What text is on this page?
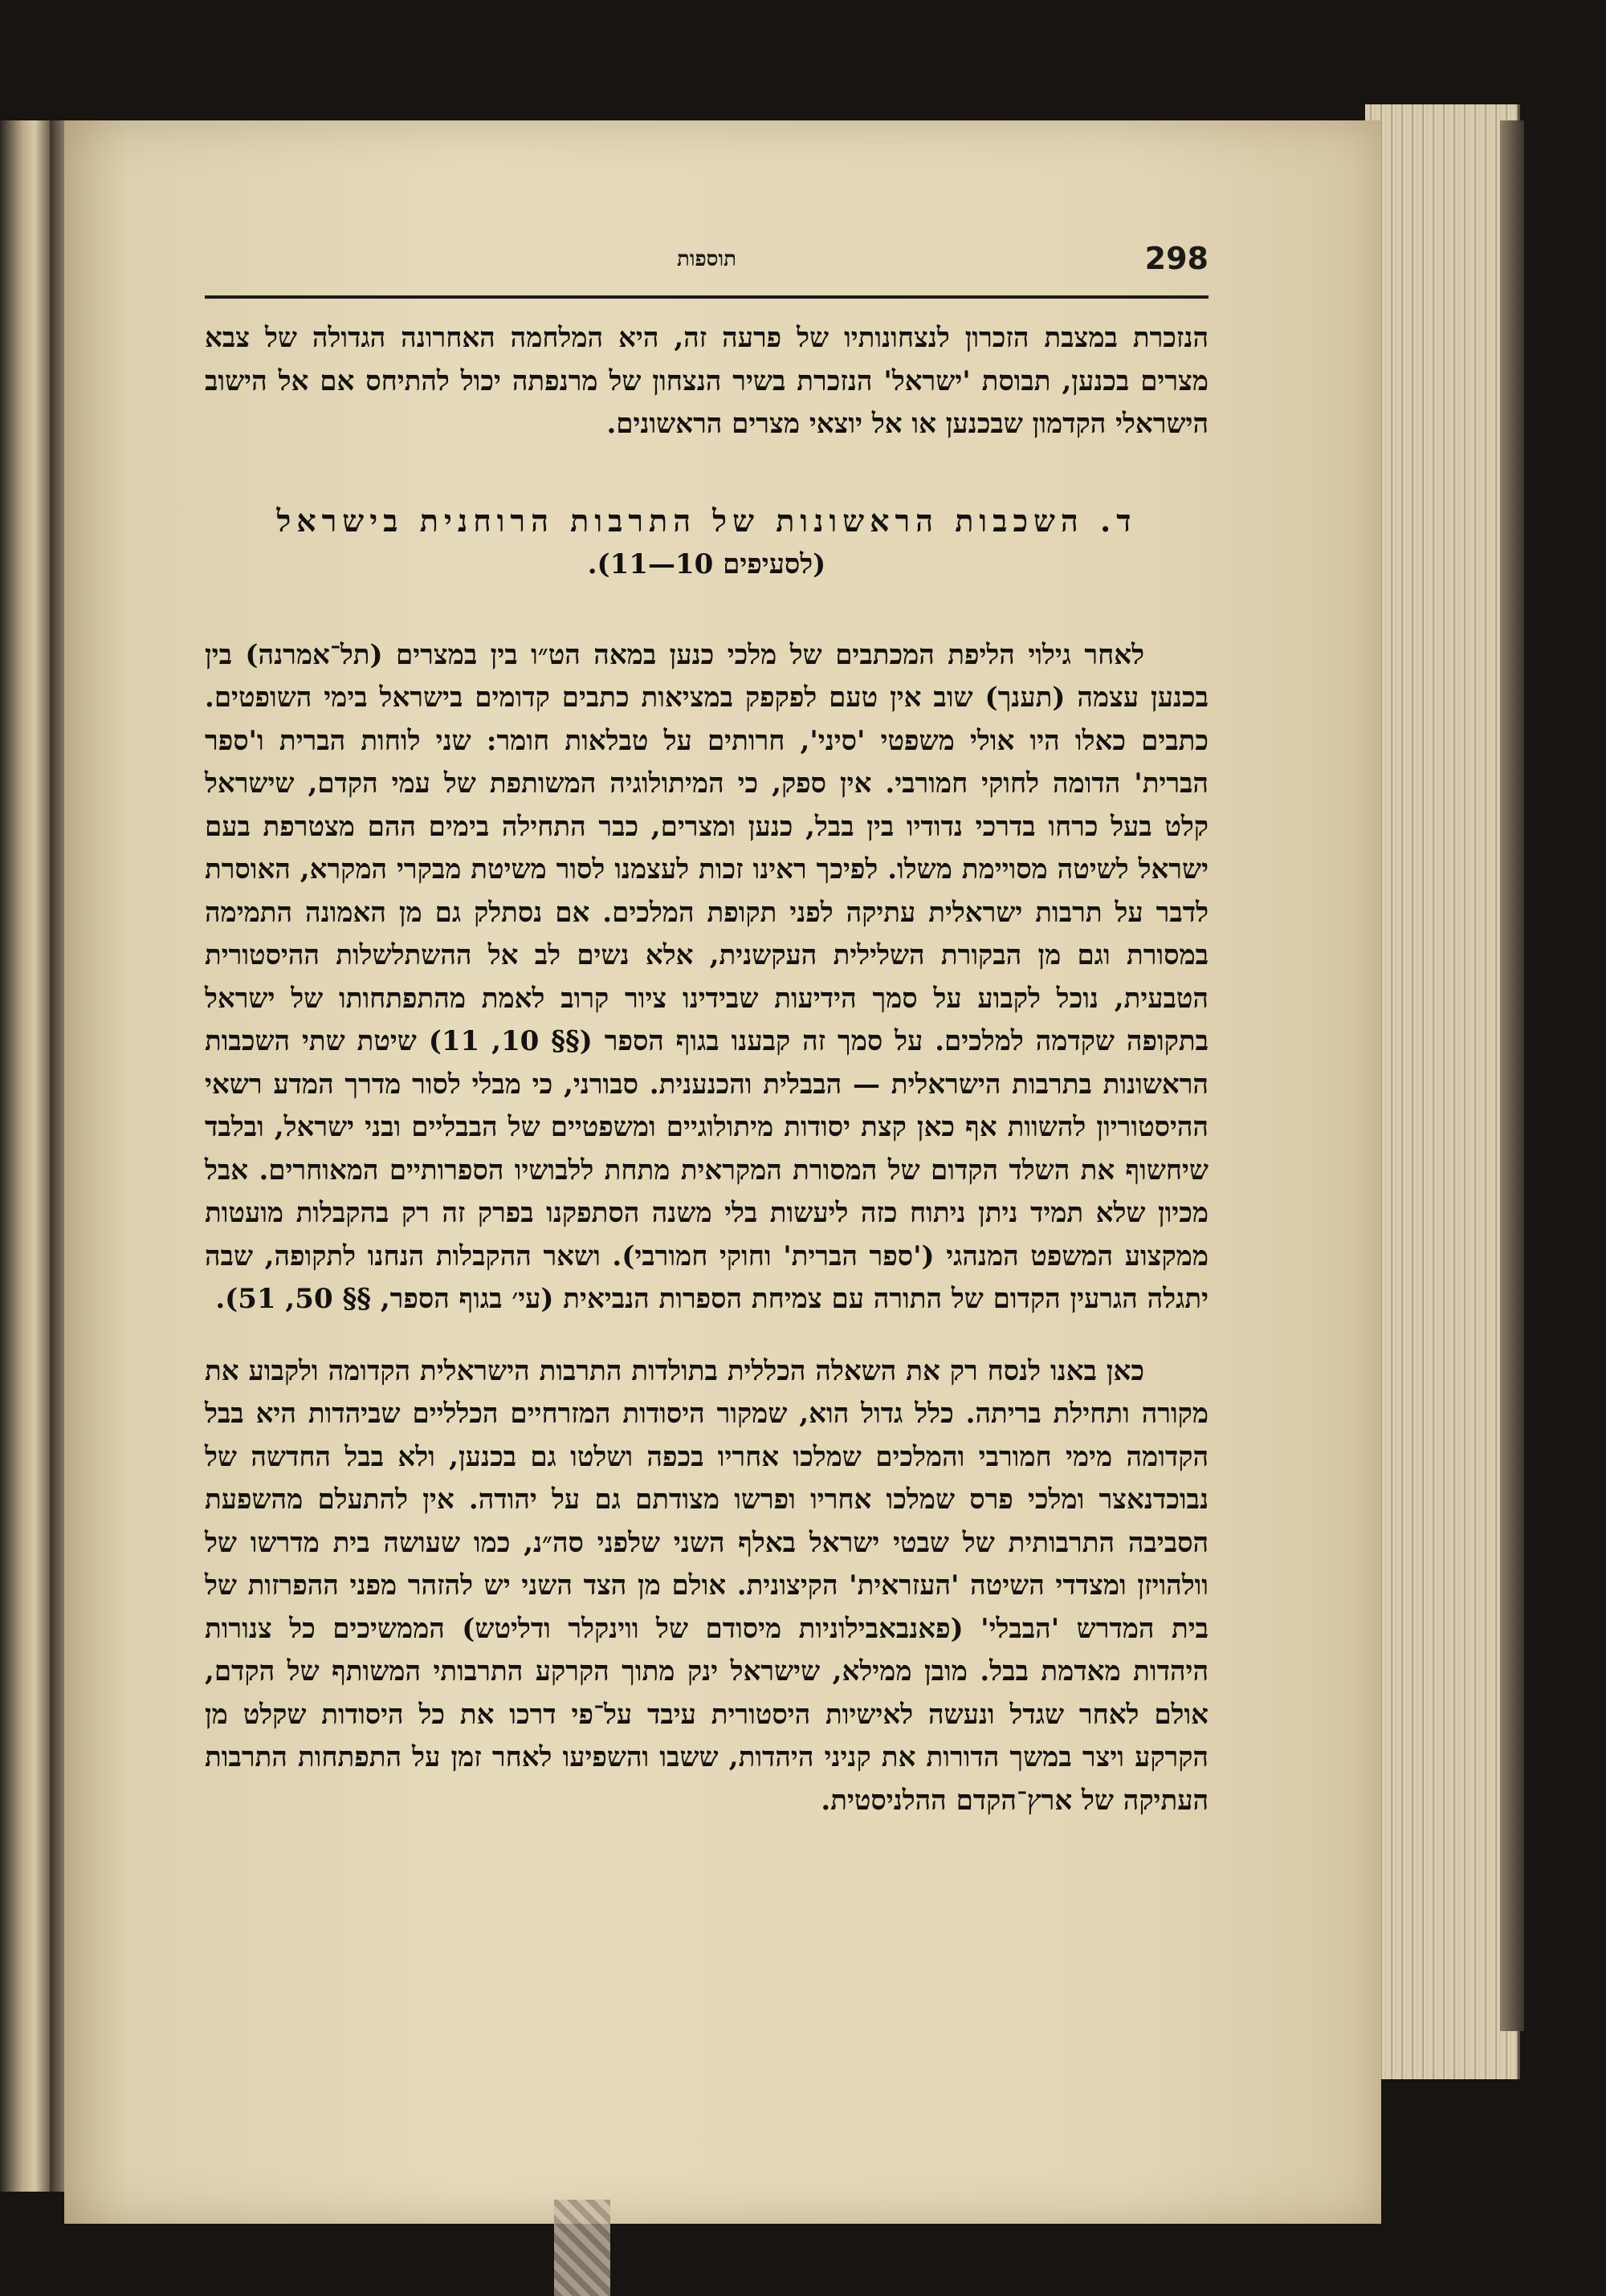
298
תוספות

הנזכרת במצבת הזכרון לנצחונותיו של פרעה זה, היא המלחמה האחרונה הגדולה של צבא מצרים בכנען, תבוסת 'ישראל' הנזכרת בשיר הנצחון של מרנפתה יכול להתיחס אם אל הישוב הישראלי הקדמון שבכנען או אל יוצאי מצרים הראשונים.

ד. השכבות הראשונות של התרבות הרוחנית בישראל
(לסעיפים 10—11).

לאחר גילוי הליפת המכתבים של מלכי כנען במאה הט״ו בין במצרים (תל־אמרנה) בין בכנען עצמה (תענך) שוב אין טעם לפקפק במציאות כתבים קדומים בישראל בימי השופטים. כתבים כאלו היו אולי משפטי 'סיני', חרותים על טבלאות חומר: שני לוחות הברית ו'ספר הברית' הדומה לחוקי חמורבי. אין ספק, כי המיתולוגיה המשותפת של עמי הקדם, שישראל קלט בעל כרחו בדרכי נדודיו בין בבל, כנען ומצרים, כבר התחילה בימים ההם מצטרפת בעם ישראל לשיטה מסויימת משלו. לפיכך ראינו זכות לעצמנו לסור משיטת מבקרי המקרא, האוסרת לדבר על תרבות ישראלית עתיקה לפני תקופת המלכים. אם נסתלק גם מן האמונה התמימה במסורת וגם מן הבקורת השלילית העקשנית, אלא נשים לב אל ההשתלשלות ההיסטורית הטבעית, נוכל לקבוע על סמך הידיעות שבידינו ציור קרוב לאמת מהתפתחותו של ישראל בתקופה שקדמה למלכים. על סמך זה קבענו בגוף הספר (§§ 10, 11) שיטת שתי השכבות הראשונות בתרבות הישראלית — הבבלית והכנענית. סבורני, כי מבלי לסור מדרך המדע רשאי ההיסטוריון להשוות אף כאן קצת יסודות מיתולוגיים ומשפטיים של הבבליים ובני ישראל, ובלבד שיחשוף את השלד הקדום של המסורת המקראית מתחת ללבושיו הספרותיים המאוחרים. אבל מכיון שלא תמיד ניתן ניתוח כזה ליעשות בלי משנה הסתפקנו בפרק זה רק בהקבלות מועטות ממקצוע המשפט המנהגי ('ספר הברית' וחוקי חמורבי). ושאר ההקבלות הנחנו לתקופה, שבה יתגלה הגרעין הקדום של התורה עם צמיחת הספרות הנביאית (עי׳ בגוף הספר, §§ 50, 51).

כאן באנו לנסח רק את השאלה הכללית בתולדות התרבות הישראלית הקדומה ולקבוע את מקורה ותחילת בריתה. כלל גדול הוא, שמקור היסודות המזרחיים הכלליים שביהדות היא בבל הקדומה מימי חמורבי והמלכים שמלכו אחריו בכפה ושלטו גם בכנען, ולא בבל החדשה של נבוכדנאצר ומלכי פרס שמלכו אחריו ופרשו מצודתם גם על יהודה. אין להתעלם מהשפעת הסביבה התרבותית של שבטי ישראל באלף השני שלפני סה״נ, כמו שעושה בית מדרשו של וולהויזן ומצדדי השיטה 'העזראית' הקיצונית. אולם מן הצד השני יש להזהר מפני ההפרזות של בית המדרש 'הבבלי' (פאנבאבילוניות מיסודם של ווינקלר ודליטש) הממשיכים כל צנורות היהדות מאדמת בבל. מובן ממילא, שישראל ינק מתוך הקרקע התרבותי המשותף של הקדם, אולם לאחר שגדל ונעשה לאישיות היסטורית עיבד על־פי דרכו את כל היסודות שקלט מן הקרקע ויצר במשך הדורות את קניני היהדות, ששבו והשפיעו לאחר זמן על התפתחות התרבות העתיקה של ארץ־הקדם ההלניסטית.
